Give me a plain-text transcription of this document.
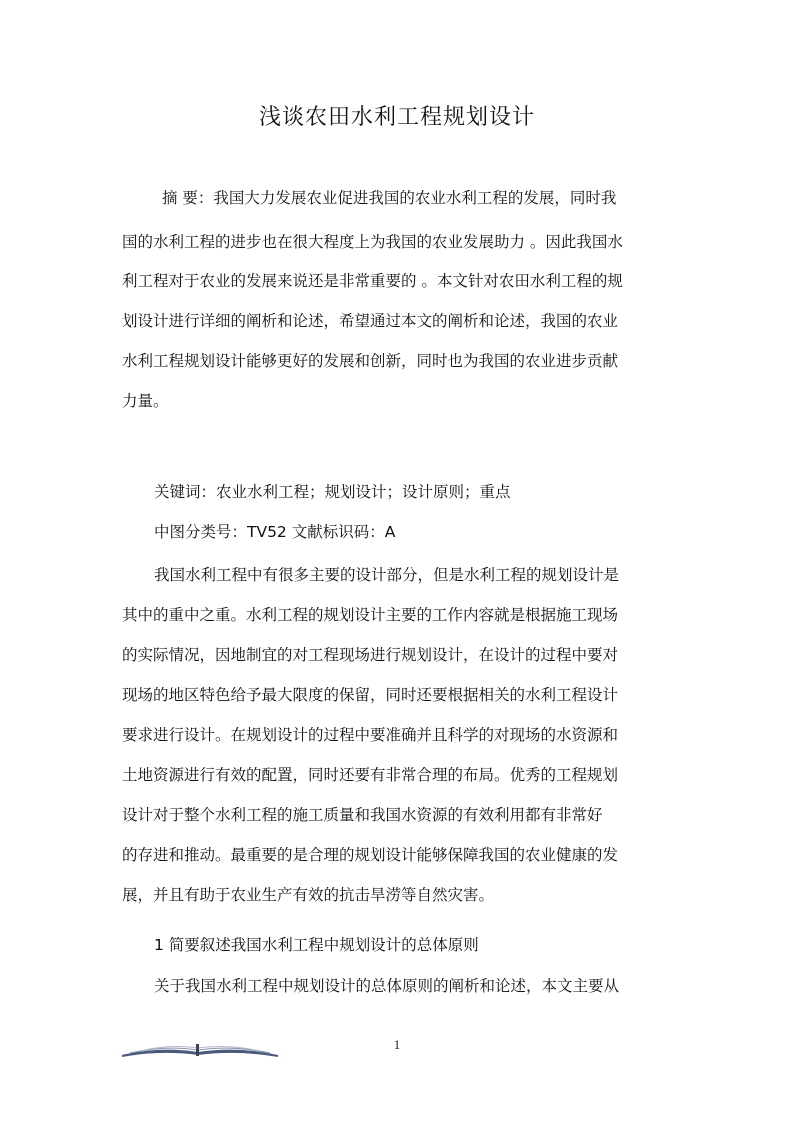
浅谈农田水利工程规划设计
摘 要：我国大力发展农业促进我国的农业水利工程的发展，同时我
国的水利工程的进步也在很大程度上为我国的农业发展助力 。因此我国水
利工程对于农业的发展来说还是非常重要的 。本文针对农田水利工程的规
划设计进行详细的阐析和论述，希望通过本文的阐析和论述，我国的农业
水利工程规划设计能够更好的发展和创新，同时也为我国的农业进步贡献
力量。
关键词：农业水利工程；规划设计；设计原则；重点
中图分类号：TV52 文献标识码：A
我国水利工程中有很多主要的设计部分，但是水利工程的规划设计是
其中的重中之重。水利工程的规划设计主要的工作内容就是根据施工现场
的实际情况，因地制宜的对工程现场进行规划设计，在设计的过程中要对
现场的地区特色给予最大限度的保留，同时还要根据相关的水利工程设计
要求进行设计。在规划设计的过程中要准确并且科学的对现场的水资源和
土地资源进行有效的配置，同时还要有非常合理的布局。优秀的工程规划
设计对于整个水利工程的施工质量和我国水资源的有效利用都有非常好
的存进和推动。最重要的是合理的规划设计能够保障我国的农业健康的发
展，并且有助于农业生产有效的抗击旱涝等自然灾害。
1 简要叙述我国水利工程中规划设计的总体原则
关于我国水利工程中规划设计的总体原则的阐析和论述，本文主要从
1
